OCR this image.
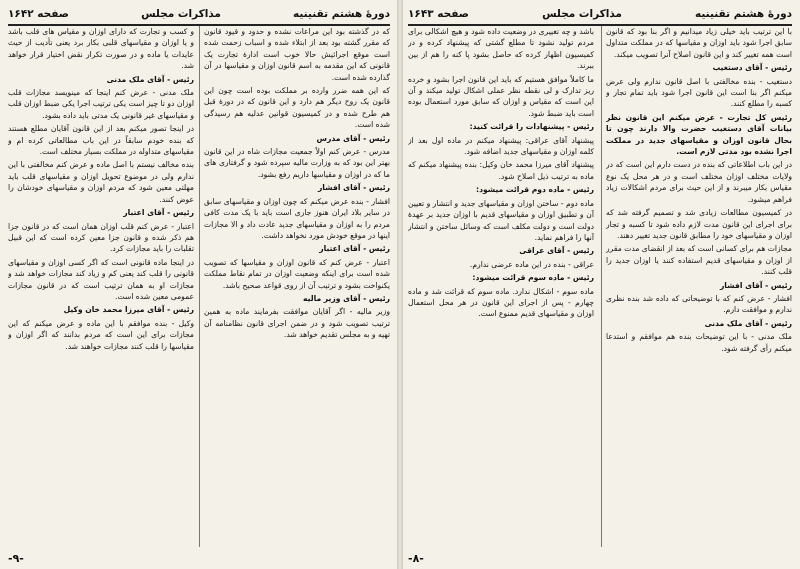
دورهٔ هشتم تقنینیه
مذاکرات مجلس
صفحه ۱۶۴۲

که در گذشته بود این مراعات نشده و حدود و قیود قانون که مقرر گشته بود بعد از ابتلاء شده و اسباب زحمت شده است موقع اجرائیش حالا خوب است ادارهٔ تجارت یک قانونی که این مقدمه به اسم قانون اوزان و مقیاسها در آن گذارده شده است.

که این همه ضرر وارده بر مملکت بوده است چون این قانون یک روح دیگر هم دارد و این قانون که در دورهٔ قبل هم طرح شده و در کمیسیون قوانین عدلیه هم رسیدگی شده است.

رئیس - آقای مدرس

مدرس - عرض کنم اولاً جمعیت مجازات شاه در این قانون بهتر این بود که به وزارت مالیه سپرده شود و گرفتاری های ما که در اوزان و مقیاسها داریم رفع بشود.

رئیس - آقای افشار

افشار - بنده عرض میکنم که چون اوزان و مقیاسهای سابق در سایر بلاد ایران هنوز جاری است باید با یک مدت کافی مردم را به اوزان و مقیاسهای جدید عادت داد و الا مجازات اینها در موقع خودش مورد نخواهد داشت.

رئیس - آقای اعتبار

اعتبار - عرض کنم که قانون اوزان و مقیاسها که تصویب شده است برای اینکه وضعیت اوزان در تمام نقاط مملکت یکنواخت بشود و ترتیب آن از روی قواعد صحیح باشد.

رئیس - آقای وزیر مالیه

وزیر مالیه - اگر آقایان موافقت بفرمایند ماده به همین ترتیب تصویب شود و در ضمن اجرای قانون نظامنامه آن تهیه و به مجلس تقدیم خواهد شد.

و کسب و تجارت که دارای اوزان و مقیاس های قلب باشد و یا اوزان و مقیاسهای قلبی بکار برد یعنی تأدیب از حیث عایدات یا ماده و در صورت تکرار نقض اختیار قرار خواهد شد.

رئیس - آقای ملک مدنی

ملک مدنی - عرض کنم اینجا که مینویسد مجازات قلب اوزان دو تا چیز است یکی ترتیب اجرا یکی ضبط اوزان قلب و مقیاسهای غیر قانونی یک مدتی باید داده بشود.

در اینجا تصور میکنم بعد از این قانون آقایان مطلع هستند که بنده خودم سابقاً در این باب مطالعاتی کرده ام و مقیاسهای متداوله در مملکت بسیار مختلف است.

بنده مخالف نیستم با اصل ماده و عرض کنم مخالفتی با این ندارم ولی در موضوع تحویل اوزان و مقیاسهای قلب باید مهلتی معین شود که مردم اوزان و مقیاسهای خودشان را عوض کنند.

رئیس - آقای اعتبار

اعتبار - عرض کنم قلب اوزان همان است که در قانون جزا هم ذکر شده و قانون جزا معین کرده است که این قبیل تقلبات را باید مجازات کرد.

در اینجا ماده قانونی است که اگر کسی اوزان و مقیاسهای قانونی را قلب کند یعنی کم و زیاد کند مجازات خواهد شد و مجازات او به همان ترتیب است که در قانون مجازات عمومی معین شده است.

رئیس - آقای میرزا محمد خان وکیل

وکیل - بنده موافقم با این ماده و عرض میکنم که این مجازات برای این است که مردم بدانند که اگر اوزان و مقیاسها را قلب کنند مجازات خواهند شد.

-۹-
دورهٔ هشتم تقنینیه
مذاکرات مجلس
صفحه ۱۶۴۳

با این ترتیب باید خیلی زیاد میدانیم و اگر بنا بود که قانون سابق اجرا شود باید اوزان و مقیاسها که در مملکت متداول است همه تغییر کند و این قانون اصلاح آنرا تصویب میکند.

رئیس - آقای دستغیب

دستغیب - بنده مخالفتی با اصل قانون ندارم ولی عرض میکنم اگر بنا است این قانون اجرا شود باید تمام تجار و کسبه را مطلع کنند.

رئیس کل تجارت - عرض میکنم این قانون نظر بیانات آقای دستغیب حضرت والا دارند چون تا بحال قانون اوزان و مقیاسهای جدید در مملکت اجرا نشده بود مدتی لازم است.

در این باب اطلاعاتی که بنده در دست دارم این است که در ولایات مختلف اوزان مختلف است و در هر محل یک نوع مقیاس بکار میبرند و از این حیث برای مردم اشکالات زیاد فراهم میشود.

در کمیسیون مطالعات زیادی شد و تصمیم گرفته شد که برای اجرای این قانون مدت لازم داده شود تا کسبه و تجار اوزان و مقیاسهای خود را مطابق قانون جدید تغییر دهند.

مجازات هم برای کسانی است که بعد از انقضای مدت مقرر از اوزان و مقیاسهای قدیم استفاده کنند یا اوزان جدید را قلب کنند.

رئیس - آقای افشار

افشار - عرض کنم که با توضیحاتی که داده شد بنده نظری ندارم و موافقت دارم.

رئیس - آقای ملک مدنی

ملک مدنی - با این توضیحات بنده هم موافقم و استدعا میکنم رأی گرفته شود.

باشد و چه تغییری در وضعیت داده شود و هیچ اشکالی برای مردم تولید نشود تا مطلع گشتی که پیشنهاد کرده و در کمیسیون اظهار کرده که حاصل بشود پا کنه را هم از بین ببرند.

ما کاملاً موافق هستیم که باید این قانون اجرا بشود و خرده ریز تدارک و لی نقطه نظر عملی اشکال تولید میکند و آن این است که مقیاس و اوزان که سابق مورد استعمال بوده است باید ضبط شود.

رئیس - پیشنهادات را قرائت کنید:

پیشنهاد آقای عراقی: پیشنهاد میکنم در ماده اول بعد از کلمه اوزان و مقیاسهای جدید اضافه شود.

پیشنهاد آقای میرزا محمد خان وکیل: بنده پیشنهاد میکنم که ماده به ترتیب ذیل اصلاح شود.

رئیس - ماده دوم قرائت میشود:

ماده دوم - ساختن اوزان و مقیاسهای جدید و انتشار و تعیین آن و تطبیق اوزان و مقیاسهای قدیم با اوزان جدید بر عهدهٔ دولت است و دولت مکلف است که وسائل ساختن و انتشار آنها را فراهم نماید.

رئیس - آقای عراقی

عراقی - بنده در این ماده عرضی ندارم.

رئیس - ماده سوم قرائت میشود:

ماده سوم - اشکال ندارد. ماده سوم که قرائت شد و ماده چهارم - پس از اجرای این قانون در هر محل استعمال اوزان و مقیاسهای قدیم ممنوع است.

-۸-
